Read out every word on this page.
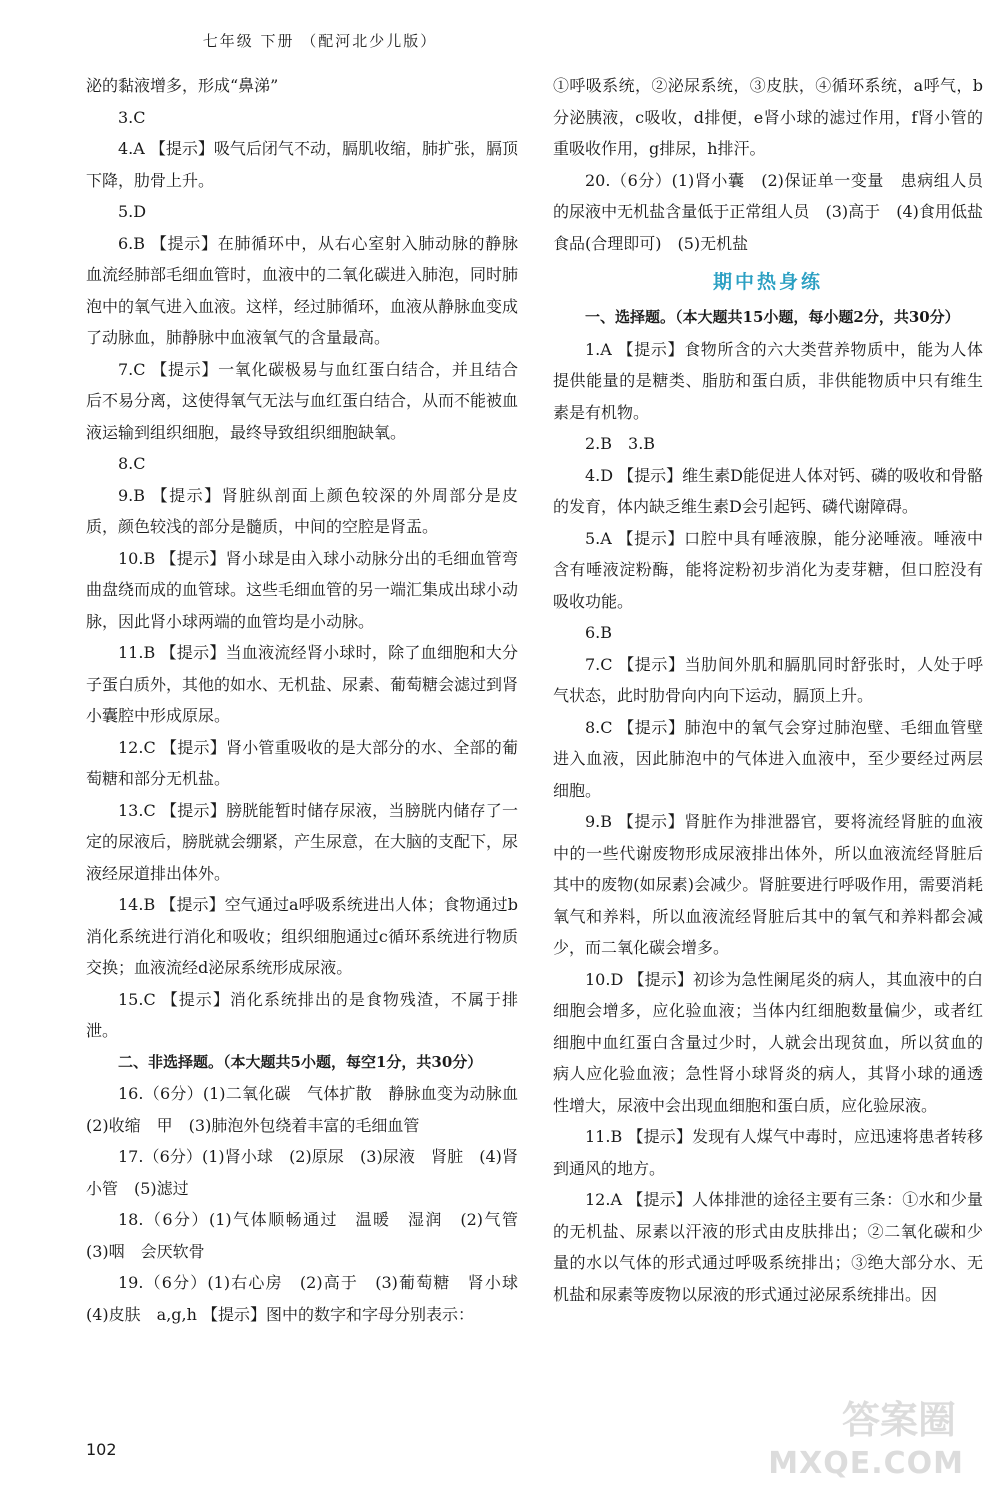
七年级 下册 （配河北少儿版）

泌的黏液增多，形成“鼻涕”

3.C

4.A 【提示】吸气后闭气不动，膈肌收缩，肺扩张，膈顶下降，肋骨上升。

5.D

6.B 【提示】在肺循环中，从右心室射入肺动脉的静脉血流经肺部毛细血管时，血液中的二氧化碳进入肺泡，同时肺泡中的氧气进入血液。这样，经过肺循环，血液从静脉血变成了动脉血，肺静脉中血液氧气的含量最高。

7.C 【提示】一氧化碳极易与血红蛋白结合，并且结合后不易分离，这使得氧气无法与血红蛋白结合，从而不能被血液运输到组织细胞，最终导致组织细胞缺氧。

8.C

9.B 【提示】肾脏纵剖面上颜色较深的外周部分是皮质，颜色较浅的部分是髓质，中间的空腔是肾盂。

10.B 【提示】肾小球是由入球小动脉分出的毛细血管弯曲盘绕而成的血管球。这些毛细血管的另一端汇集成出球小动脉，因此肾小球两端的血管均是小动脉。

11.B 【提示】当血液流经肾小球时，除了血细胞和大分子蛋白质外，其他的如水、无机盐、尿素、葡萄糖会滤过到肾小囊腔中形成原尿。

12.C 【提示】肾小管重吸收的是大部分的水、全部的葡萄糖和部分无机盐。

13.C 【提示】膀胱能暂时储存尿液，当膀胱内储存了一定的尿液后，膀胱就会绷紧，产生尿意，在大脑的支配下，尿液经尿道排出体外。

14.B 【提示】空气通过a呼吸系统进出人体；食物通过b消化系统进行消化和吸收；组织细胞通过c循环系统进行物质交换；血液流经d泌尿系统形成尿液。

15.C 【提示】消化系统排出的是食物残渣，不属于排泄。

二、非选择题。（本大题共5小题，每空1分，共30分）

16.（6分）(1)二氧化碳　气体扩散　静脉血变为动脉血　(2)收缩　甲　(3)肺泡外包绕着丰富的毛细血管

17.（6分）(1)肾小球　(2)原尿　(3)尿液　肾脏　(4)肾小管　(5)滤过

18.（6分）(1)气体顺畅通过　温暖　湿润　(2)气管　(3)咽　会厌软骨

19.（6分）(1)右心房　(2)高于　(3)葡萄糖　肾小球　(4)皮肤　a,g,h 【提示】图中的数字和字母分别表示：

①呼吸系统，②泌尿系统，③皮肤，④循环系统，a呼气，b分泌胰液，c吸收，d排便，e肾小球的滤过作用，f肾小管的重吸收作用，g排尿，h排汗。

20.（6分）(1)肾小囊　(2)保证单一变量　患病组人员的尿液中无机盐含量低于正常组人员　(3)高于　(4)食用低盐食品(合理即可)　(5)无机盐

期中热身练

一、选择题。（本大题共15小题，每小题2分，共30分）

1.A 【提示】食物所含的六大类营养物质中，能为人体提供能量的是糖类、脂肪和蛋白质，非供能物质中只有维生素是有机物。

2.B　3.B

4.D 【提示】维生素D能促进人体对钙、磷的吸收和骨骼的发育，体内缺乏维生素D会引起钙、磷代谢障碍。

5.A 【提示】口腔中具有唾液腺，能分泌唾液。唾液中含有唾液淀粉酶，能将淀粉初步消化为麦芽糖，但口腔没有吸收功能。

6.B

7.C 【提示】当肋间外肌和膈肌同时舒张时，人处于呼气状态，此时肋骨向内向下运动，膈顶上升。

8.C 【提示】肺泡中的氧气会穿过肺泡壁、毛细血管壁进入血液，因此肺泡中的气体进入血液中，至少要经过两层细胞。

9.B 【提示】肾脏作为排泄器官，要将流经肾脏的血液中的一些代谢废物形成尿液排出体外，所以血液流经肾脏后其中的废物(如尿素)会减少。肾脏要进行呼吸作用，需要消耗氧气和养料，所以血液流经肾脏后其中的氧气和养料都会减少，而二氧化碳会增多。

10.D 【提示】初诊为急性阑尾炎的病人，其血液中的白细胞会增多，应化验血液；当体内红细胞数量偏少，或者红细胞中血红蛋白含量过少时，人就会出现贫血，所以贫血的病人应化验血液；急性肾小球肾炎的病人，其肾小球的通透性增大，尿液中会出现血细胞和蛋白质，应化验尿液。

11.B 【提示】发现有人煤气中毒时，应迅速将患者转移到通风的地方。

12.A 【提示】人体排泄的途径主要有三条：①水和少量的无机盐、尿素以汗液的形式由皮肤排出；②二氧化碳和少量的水以气体的形式通过呼吸系统排出；③绝大部分水、无机盐和尿素等废物以尿液的形式通过泌尿系统排出。因

102
答案圈
MXQE.COM
